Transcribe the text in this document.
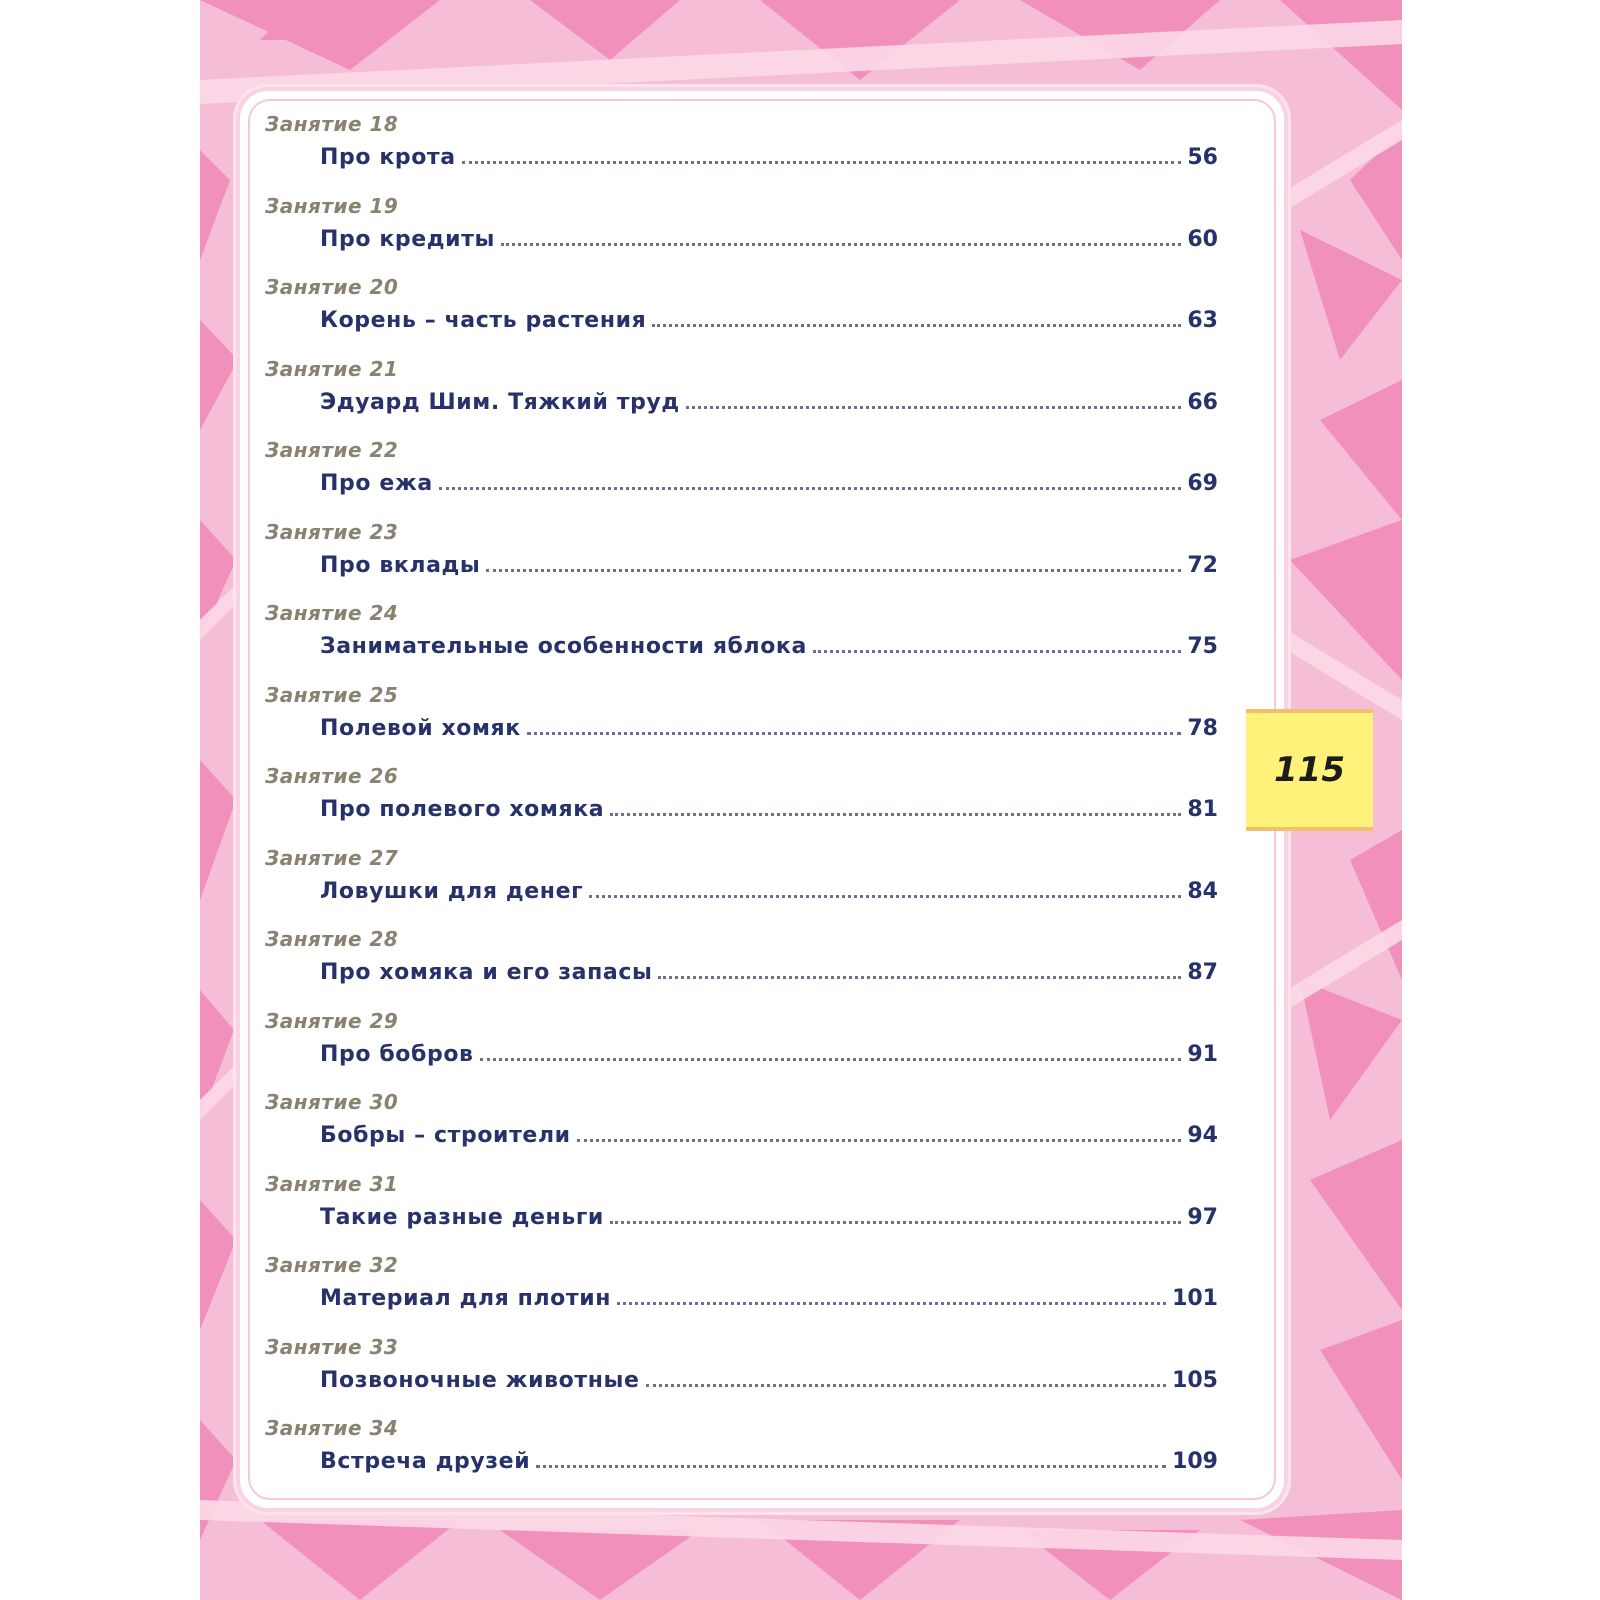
115
Занятие 18
Про крота	56
Занятие 19
Про кредиты	60
Занятие 20
Корень – часть растения	63
Занятие 21
Эдуард Шим. Тяжкий труд	66
Занятие 22
Про ежа	69
Занятие 23
Про вклады	72
Занятие 24
Занимательные особенности яблока	75
Занятие 25
Полевой хомяк	78
Занятие 26
Про полевого хомяка	81
Занятие 27
Ловушки для денег	84
Занятие 28
Про хомяка и его запасы	87
Занятие 29
Про бобров	91
Занятие 30
Бобры – строители	94
Занятие 31
Такие разные деньги	97
Занятие 32
Материал для плотин	101
Занятие 33
Позвоночные животные	105
Занятие 34
Встреча друзей	109
